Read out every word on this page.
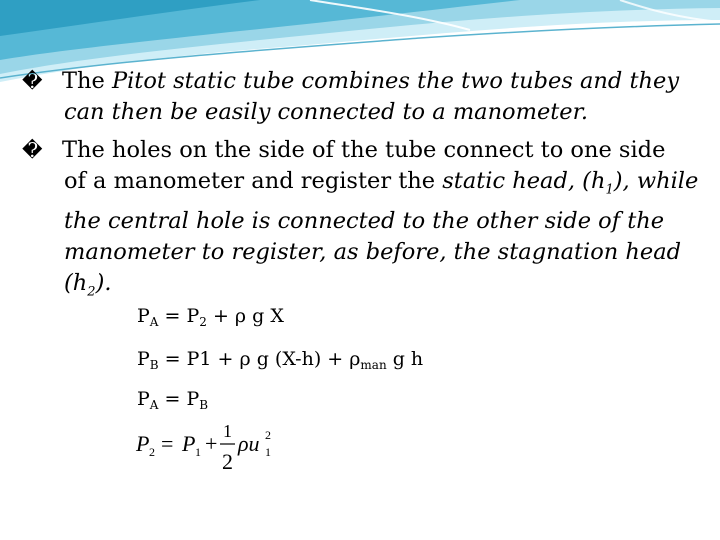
� The Pitot static tube combines the two tubes and they
can then be easily connected to a manometer.
� The holes on the side of the tube connect to one side
of a manometer and register the static head, $(h_1)$, while
the central hole is connected to the other side of the
manometer to register, as before, the stagnation head
$(h_2)$.
$P_A = P_2 + \rho$ g X
$P_B = P1 + \rho$ g $(X-h) + \rho_{man}$ g h
$P_A = P_B$
P 2 = P 1 + 1
2
ρu 2
1
